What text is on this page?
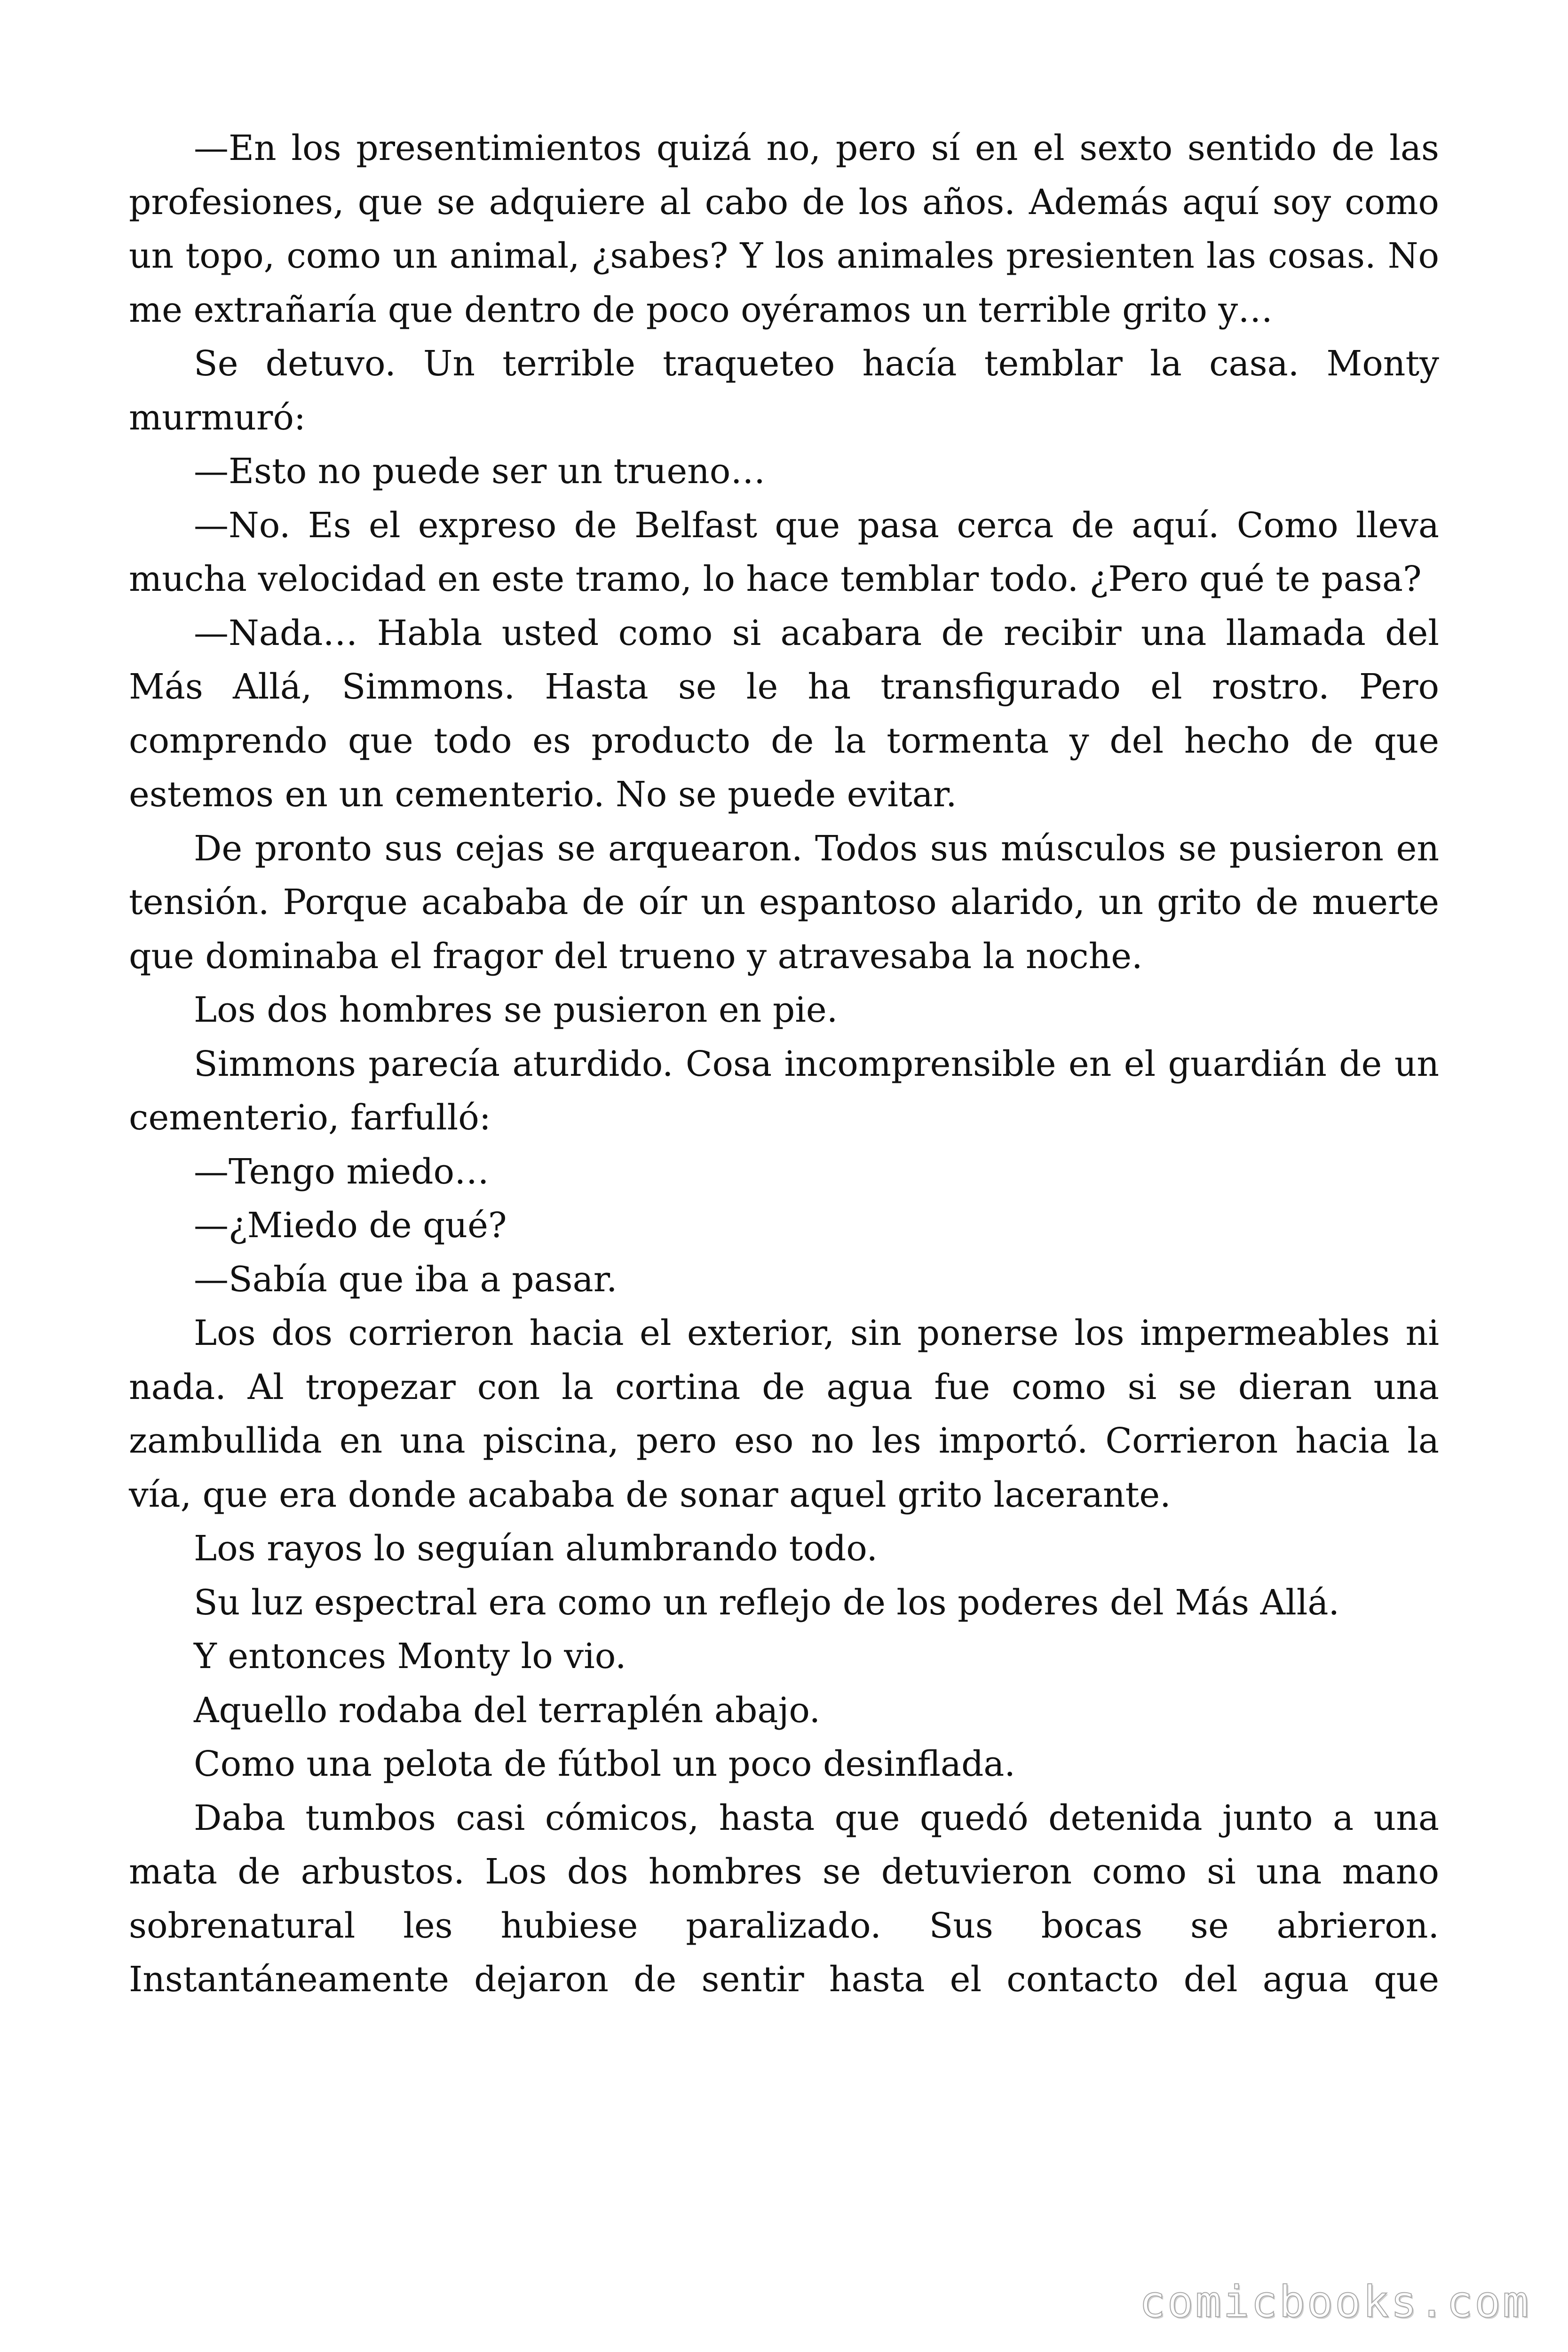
—En los presentimientos quizá no, pero sí en el sexto sentido de las profesiones, que se adquiere al cabo de los años. Además aquí soy como un topo, como un animal, ¿sabes? Y los animales presienten las cosas. No me extrañaría que dentro de poco oyéramos un terrible grito y…

Se detuvo. Un terrible traqueteo hacía temblar la casa. Monty murmuró:

—Esto no puede ser un trueno…

—No. Es el expreso de Belfast que pasa cerca de aquí. Como lleva mucha velocidad en este tramo, lo hace temblar todo. ¿Pero qué te pasa?

—Nada… Habla usted como si acabara de recibir una llamada del Más Allá, Simmons. Hasta se le ha transfigurado el rostro. Pero comprendo que todo es producto de la tormenta y del hecho de que estemos en un cementerio. No se puede evitar.

De pronto sus cejas se arquearon. Todos sus músculos se pusieron en tensión. Porque acababa de oír un espantoso alarido, un grito de muerte que dominaba el fragor del trueno y atravesaba la noche.

Los dos hombres se pusieron en pie.

Simmons parecía aturdido. Cosa incomprensible en el guardián de un cementerio, farfulló:

—Tengo miedo…

—¿Miedo de qué?

—Sabía que iba a pasar.

Los dos corrieron hacia el exterior, sin ponerse los impermeables ni nada. Al tropezar con la cortina de agua fue como si se dieran una zambullida en una piscina, pero eso no les importó. Corrieron hacia la vía, que era donde acababa de sonar aquel grito lacerante.

Los rayos lo seguían alumbrando todo.

Su luz espectral era como un reflejo de los poderes del Más Allá.

Y entonces Monty lo vio.

Aquello rodaba del terraplén abajo.

Como una pelota de fútbol un poco desinflada.

Daba tumbos casi cómicos, hasta que quedó detenida junto a una mata de arbustos. Los dos hombres se detuvieron como si una mano sobrenatural les hubiese paralizado. Sus bocas se abrieron. Instantáneamente dejaron de sentir hasta el contacto del agua que

comicbooks.com
